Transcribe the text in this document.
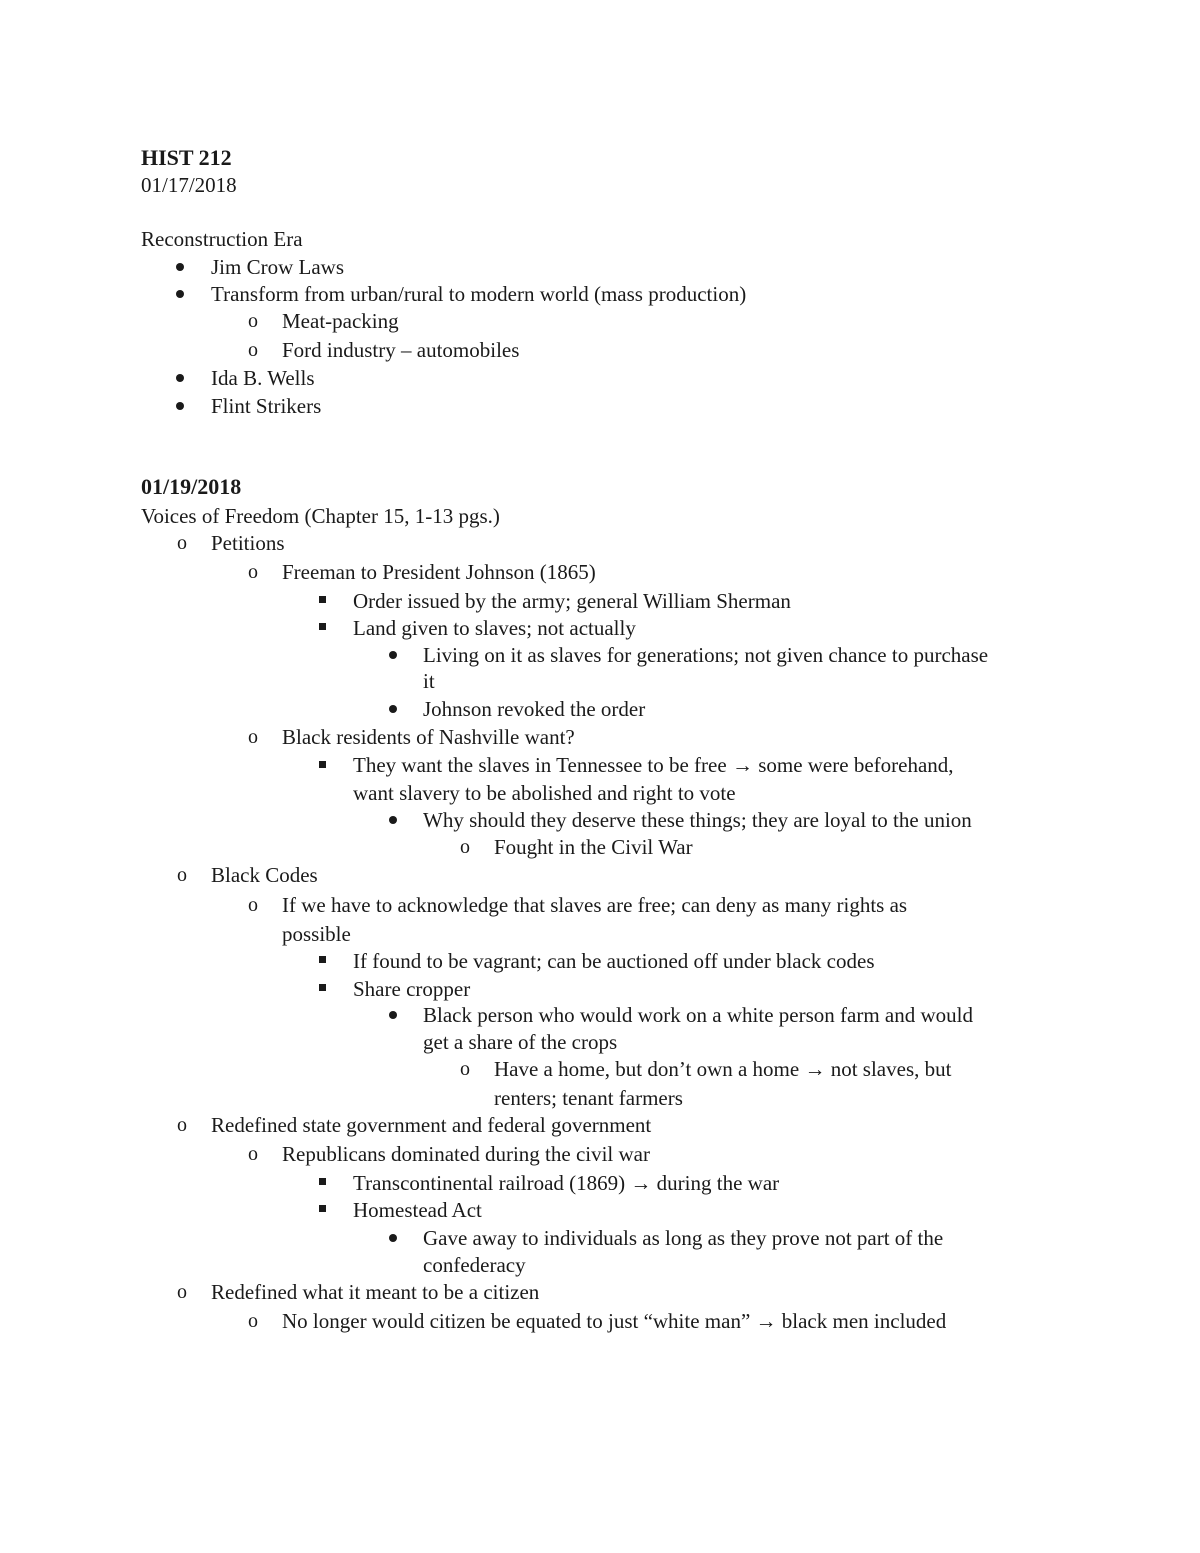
HIST 212
01/17/2018
Reconstruction Era
Jim Crow Laws
Transform from urban/rural to modern world (mass production)
o Meat-packing
o Ford industry – automobiles
Ida B. Wells
Flint Strikers
01/19/2018
Voices of Freedom (Chapter 15, 1-13 pgs.)
o Petitions
o Freeman to President Johnson (1865)
Order issued by the army; general William Sherman
Land given to slaves; not actually
Living on it as slaves for generations; not given chance to purchase
it
Johnson revoked the order
o Black residents of Nashville want?
They want the slaves in Tennessee to be free → some were beforehand,
want slavery to be abolished and right to vote
Why should they deserve these things; they are loyal to the union
o Fought in the Civil War
o Black Codes
o If we have to acknowledge that slaves are free; can deny as many rights as
possible
If found to be vagrant; can be auctioned off under black codes
Share cropper
Black person who would work on a white person farm and would
get a share of the crops
o Have a home, but don’t own a home → not slaves, but
renters; tenant farmers
o Redefined state government and federal government
o Republicans dominated during the civil war
Transcontinental railroad (1869) → during the war
Homestead Act
Gave away to individuals as long as they prove not part of the
confederacy
o Redefined what it meant to be a citizen
o No longer would citizen be equated to just “white man” → black men included
